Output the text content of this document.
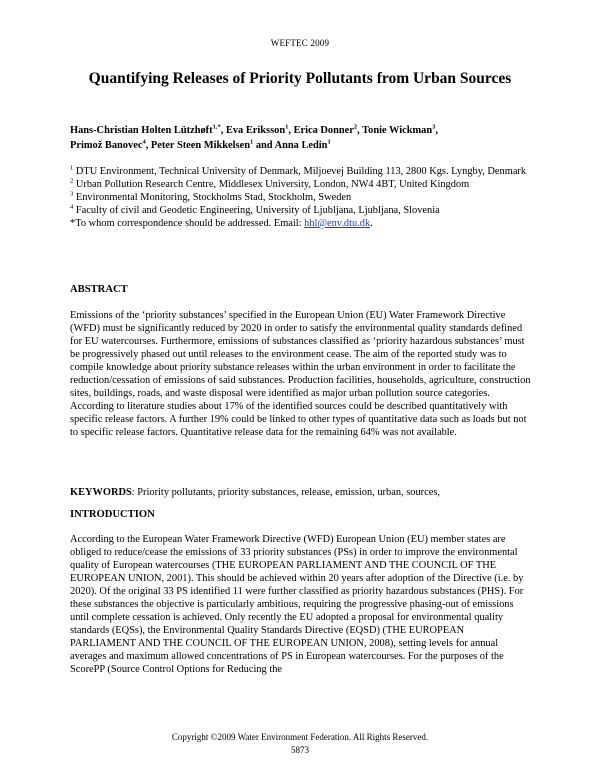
WEFTEC 2009
Quantifying Releases of Priority Pollutants from Urban Sources
Hans-Christian Holten Lützhøft$^{1,*}$, Eva Eriksson$^1$, Erica Donner$^2$, Tonie Wickman$^3$,
Primož Banovec$^4$, Peter Steen Mikkelsen$^1$ and Anna Ledin$^1$

$^1$ DTU Environment, Technical University of Denmark, Miljoevej Building 113, 2800 Kgs. Lyngby, Denmark

$^2$ Urban Pollution Research Centre, Middlesex University, London, NW4 4BT, United Kingdom

$^3$ Environmental Monitoring, Stockholms Stad, Stockholm, Sweden

$^4$ Faculty of civil and Geodetic Engineering, University of Ljubljana, Ljubljana, Slovenia

*To whom correspondence should be addressed. Email: hhl@env.dtu.dk.

ABSTRACT

Emissions of the ‘priority substances’ specified in the European Union (EU) Water Framework Directive (WFD) must be significantly reduced by 2020 in order to satisfy the environmental quality standards defined for EU watercourses. Furthermore, emissions of substances classified as ‘priority hazardous substances’ must be progressively phased out until releases to the environment cease. The aim of the reported study was to compile knowledge about priority substance releases within the urban environment in order to facilitate the reduction/cessation of emissions of said substances. Production facilities, households, agriculture, construction sites, buildings, roads, and waste disposal were identified as major urban pollution source categories. According to literature studies about 17% of the identified sources could be described quantitatively with specific release factors. A further 19% could be linked to other types of quantitative data such as loads but not to specific release factors. Quantitative release data for the remaining 64% was not available.

KEYWORDS: Priority pollutants, priority substances, release, emission, urban, sources,
INTRODUCTION

According to the European Water Framework Directive (WFD) European Union (EU) member states are obliged to reduce/cease the emissions of 33 priority substances (PSs) in order to improve the environmental quality of European watercourses (THE EUROPEAN PARLIAMENT AND THE COUNCIL OF THE EUROPEAN UNION, 2001). This should be achieved within 20 years after adoption of the Directive (i.e. by 2020). Of the original 33 PS identified 11 were further classified as priority hazardous substances (PHS). For these substances the objective is particularly ambitious, requiring the progressive phasing-out of emissions until complete cessation is achieved. Only recently the EU adopted a proposal for environmental quality standards (EQSs), the Environmental Quality Standards Directive (EQSD) (THE EUROPEAN PARLIAMENT AND THE COUNCIL OF THE EUROPEAN UNION, 2008), setting levels for annual averages and maximum allowed concentrations of PS in European watercourses. For the purposes of the ScorePP (Source Control Options for Reducing the

Copyright ©2009 Water Environment Federation. All Rights Reserved.
5873
